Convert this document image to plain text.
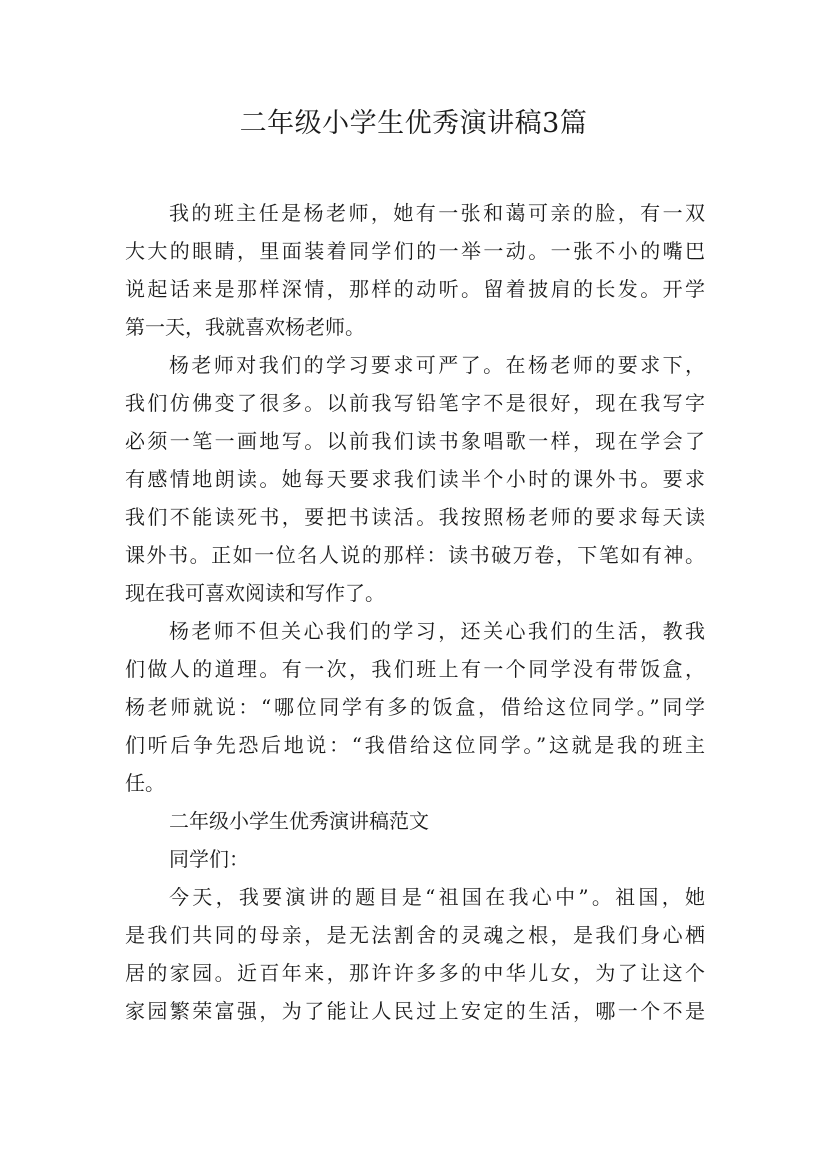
二年级小学生优秀演讲稿3篇

我的班主任是杨老师，她有一张和蔼可亲的脸，有一双

大大的眼睛，里面装着同学们的一举一动。一张不小的嘴巴

说起话来是那样深情，那样的动听。留着披肩的长发。开学

第一天，我就喜欢杨老师。

杨老师对我们的学习要求可严了。在杨老师的要求下，

我们仿佛变了很多。以前我写铅笔字不是很好，现在我写字

必须一笔一画地写。以前我们读书象唱歌一样，现在学会了

有感情地朗读。她每天要求我们读半个小时的课外书。要求

我们不能读死书，要把书读活。我按照杨老师的要求每天读

课外书。正如一位名人说的那样：读书破万卷，下笔如有神。

现在我可喜欢阅读和写作了。

杨老师不但关心我们的学习，还关心我们的生活，教我

们做人的道理。有一次，我们班上有一个同学没有带饭盒，

杨老师就说：“哪位同学有多的饭盒，借给这位同学。”同学

们听后争先恐后地说：“我借给这位同学。”这就是我的班主

任。

二年级小学生优秀演讲稿范文

同学们：

今天，我要演讲的题目是“祖国在我心中”。祖国，她

是我们共同的母亲，是无法割舍的灵魂之根，是我们身心栖

居的家园。近百年来，那许许多多的中华儿女，为了让这个

家园繁荣富强，为了能让人民过上安定的生活，哪一个不是
